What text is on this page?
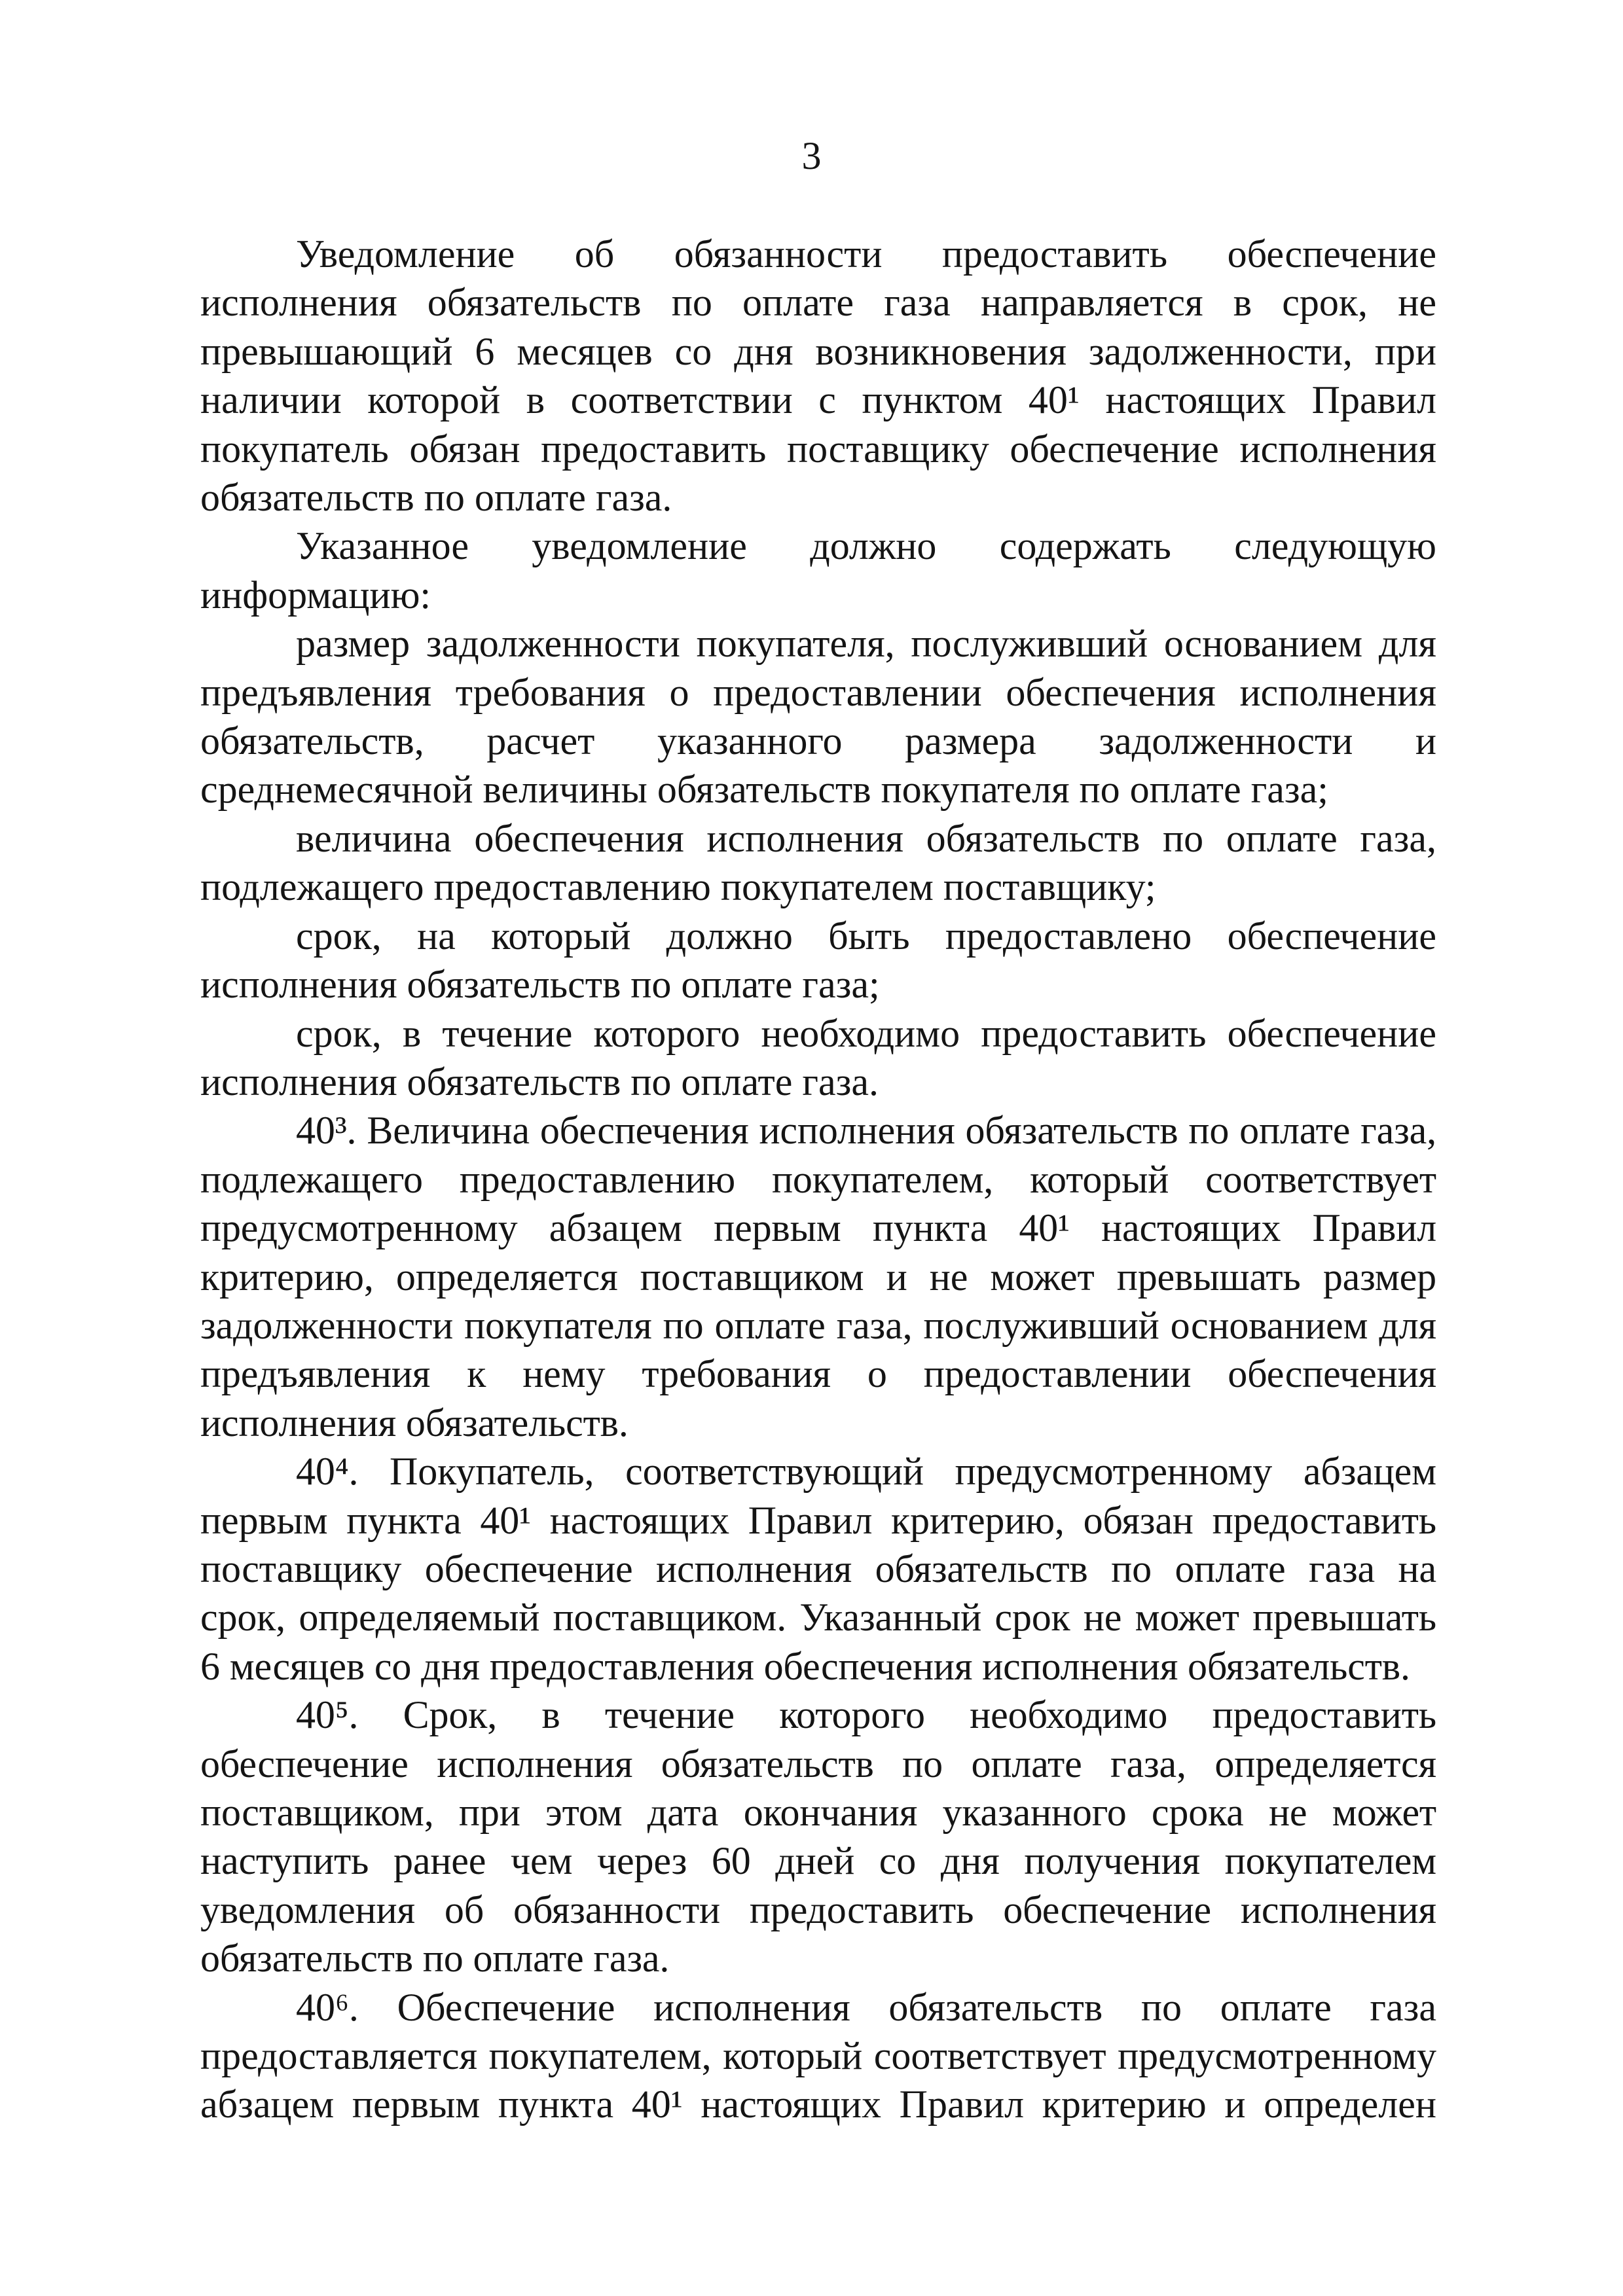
3

Уведомление об обязанности предоставить обеспечение исполнения обязательств по оплате газа направляется в срок, не превышающий 6 месяцев со дня возникновения задолженности, при наличии которой в соответствии с пунктом 40¹ настоящих Правил покупатель обязан предоставить поставщику обеспечение исполнения обязательств по оплате газа.

Указанное уведомление должно содержать следующую информацию:

размер задолженности покупателя, послуживший основанием для предъявления требования о предоставлении обеспечения исполнения обязательств, расчет указанного размера задолженности и среднемесячной величины обязательств покупателя по оплате газа;

величина обеспечения исполнения обязательств по оплате газа, подлежащего предоставлению покупателем поставщику;

срок, на который должно быть предоставлено обеспечение исполнения обязательств по оплате газа;

срок, в течение которого необходимо предоставить обеспечение исполнения обязательств по оплате газа.

40³. Величина обеспечения исполнения обязательств по оплате газа, подлежащего предоставлению покупателем, который соответствует предусмотренному абзацем первым пункта 40¹ настоящих Правил критерию, определяется поставщиком и не может превышать размер задолженности покупателя по оплате газа, послуживший основанием для предъявления к нему требования о предоставлении обеспечения исполнения обязательств.

40⁴. Покупатель, соответствующий предусмотренному абзацем первым пункта 40¹ настоящих Правил критерию, обязан предоставить поставщику обеспечение исполнения обязательств по оплате газа на срок, определяемый поставщиком. Указанный срок не может превышать 6 месяцев со дня предоставления обеспечения исполнения обязательств.

40⁵. Срок, в течение которого необходимо предоставить обеспечение исполнения обязательств по оплате газа, определяется поставщиком, при этом дата окончания указанного срока не может наступить ранее чем через 60 дней со дня получения покупателем уведомления об обязанности предоставить обеспечение исполнения обязательств по оплате газа.

40⁶. Обеспечение исполнения обязательств по оплате газа предоставляется покупателем, который соответствует предусмотренному абзацем первым пункта 40¹ настоящих Правил критерию и определен
